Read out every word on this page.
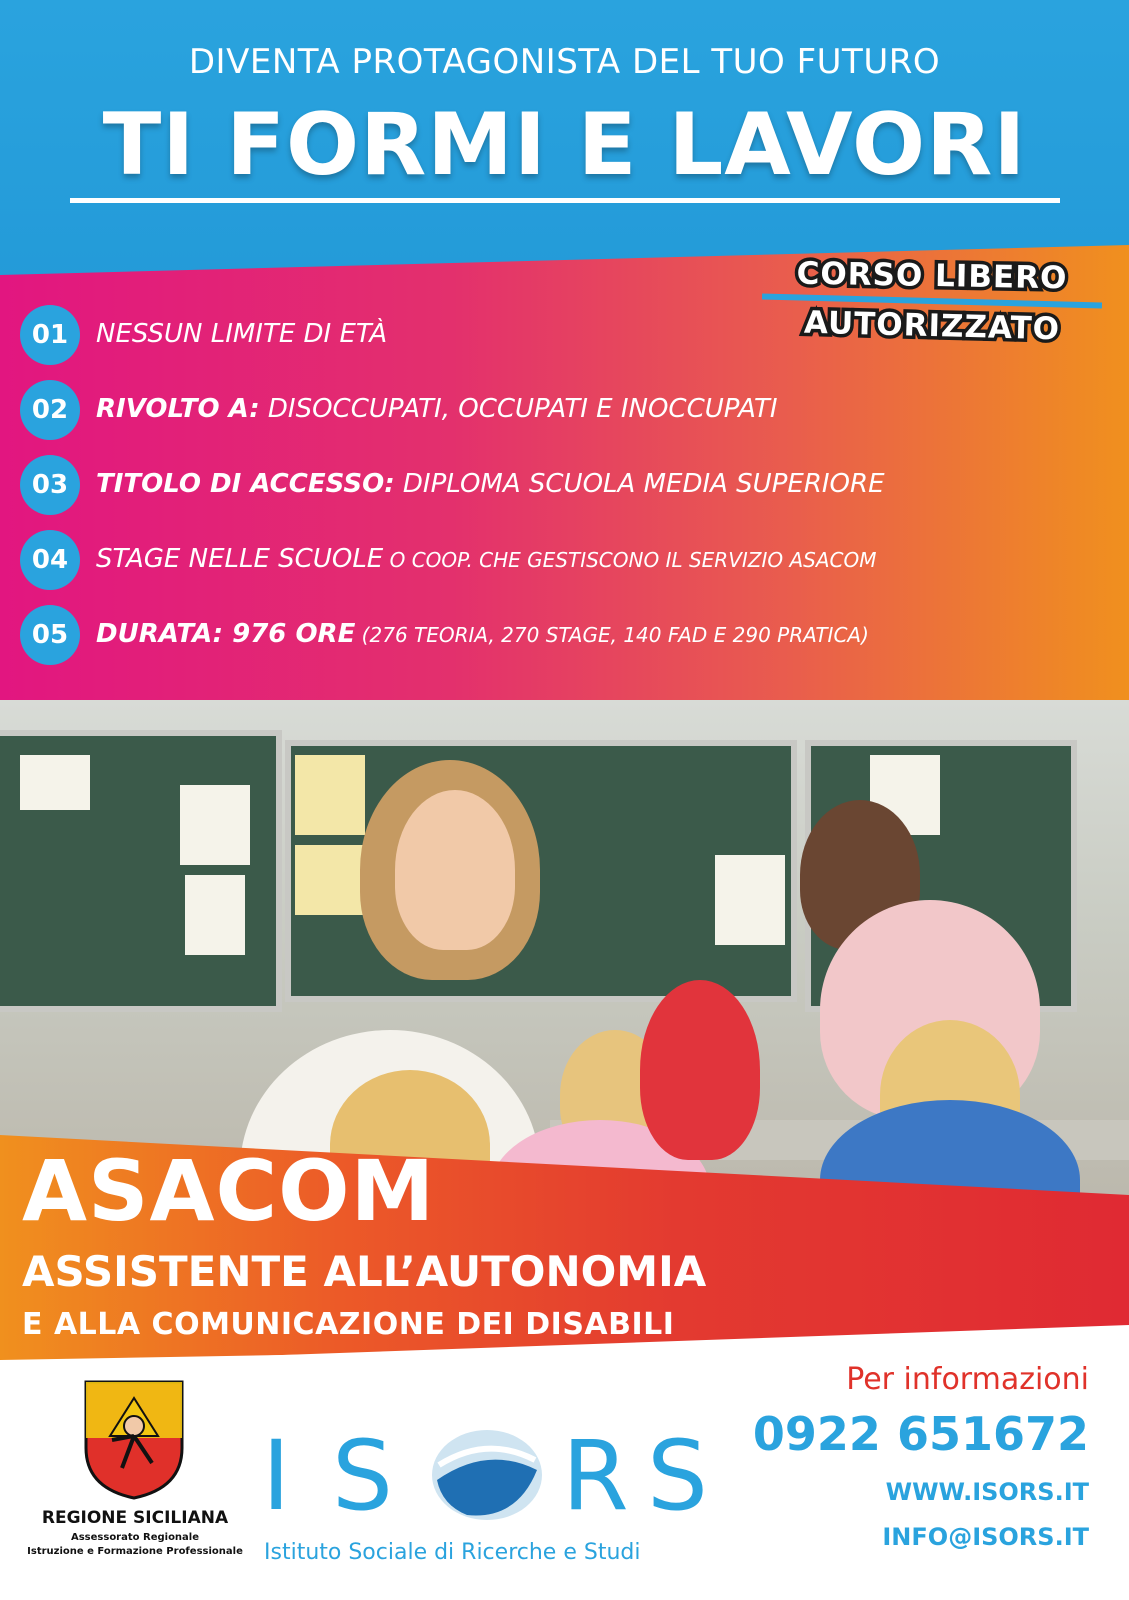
DIVENTA PROTAGONISTA DEL TUO FUTURO
TI FORMI E LAVORI
CORSO LIBERO
AUTORIZZATO
01	NESSUN LIMITE DI ETÀ
02	RIVOLTO A: DISOCCUPATI, OCCUPATI E INOCCUPATI
03	TITOLO DI ACCESSO: DIPLOMA SCUOLA MEDIA SUPERIORE
04	STAGE NELLE SCUOLE O COOP. CHE GESTISCONO IL SERVIZIO ASACOM
05	DURATA: 976 ORE (276 TEORIA, 270 STAGE, 140 FAD E 290 PRATICA)
ASACOM
ASSISTENTE ALL’AUTONOMIA
E ALLA COMUNICAZIONE DEI DISABILI
REGIONE SICILIANA
Assessorato Regionale
Istruzione e Formazione Professionale
I S R S
Istituto Sociale di Ricerche e Studi
Per informazioni
0922 651672
WWW.ISORS.IT
INFO@ISORS.IT
